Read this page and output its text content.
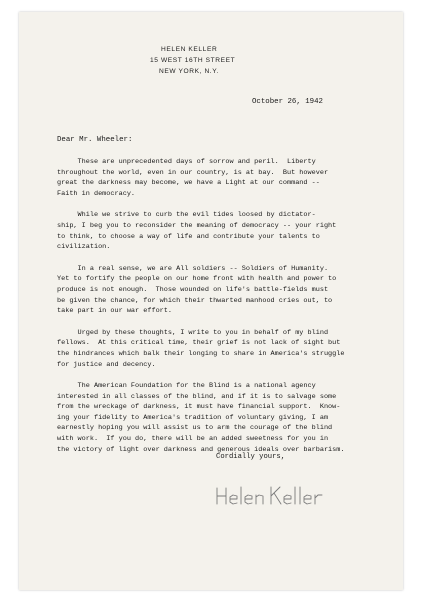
HELEN KELLER
15 WEST 16TH STREET
NEW YORK, N.Y.
October 26, 1942
Dear Mr. Wheeler:
These are unprecedented days of sorrow and peril.  Liberty
throughout the world, even in our country, is at bay.  But however
great the darkness may become, we have a Light at our command --
Faith in democracy.
While we strive to curb the evil tides loosed by dictator-
ship, I beg you to reconsider the meaning of democracy -- your right
to think, to choose a way of life and contribute your talents to
civilization.
In a real sense, we are All soldiers -- Soldiers of Humanity.
Yet to fortify the people on our home front with health and power to
produce is not enough.  Those wounded on life's battle-fields must
be given the chance, for which their thwarted manhood cries out, to
take part in our war effort.
Urged by these thoughts, I write to you in behalf of my blind
fellows.  At this critical time, their grief is not lack of sight but
the hindrances which balk their longing to share in America's struggle
for justice and decency.
The American Foundation for the Blind is a national agency
interested in all classes of the blind, and if it is to salvage some
from the wreckage of darkness, it must have financial support.  Know-
ing your fidelity to America's tradition of voluntary giving, I am
earnestly hoping you will assist us to arm the courage of the blind
with work.  If you do, there will be an added sweetness for you in
the victory of light over darkness and generous ideals over barbarism.
Cordially yours,
